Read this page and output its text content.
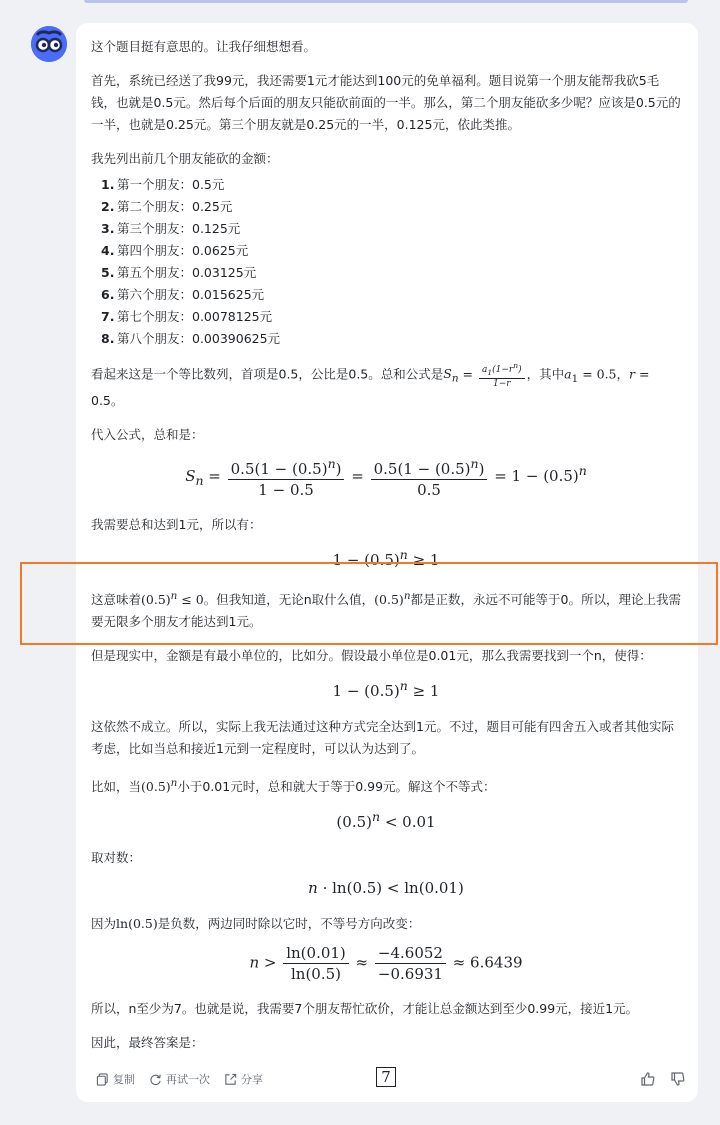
这个题目挺有意思的。让我仔细想想看。

首先，系统已经送了我99元，我还需要1元才能达到100元的免单福利。题目说第一个朋友能帮我砍5毛钱，也就是0.5元。然后每个后面的朋友只能砍前面的一半。那么，第二个朋友能砍多少呢？应该是0.5元的一半，也就是0.25元。第三个朋友就是0.25元的一半，0.125元，依此类推。

我先列出前几个朋友能砍的金额：

1. 第一个朋友：0.5元
2. 第二个朋友：0.25元
3. 第三个朋友：0.125元
4. 第四个朋友：0.0625元
5. 第五个朋友：0.03125元
6. 第六个朋友：0.015625元
7. 第七个朋友：0.0078125元
8. 第八个朋友：0.00390625元

看起来这是一个等比数列，首项是0.5，公比是0.5。总和公式是$S_n = \frac{a_1(1-r^n)}{1-r}$ ，其中$a_1 = 0.5$，r = 0.5。

代入公式，总和是：

$S_n = \frac{0.5(1 - (0.5)^n)}{1 - 0.5} = \frac{0.5(1 - (0.5)^n)}{0.5} = 1 - (0.5)^n$

我需要总和达到1元，所以有：

$1 - (0.5)^n \ge 1$

这意味着$(0.5)^n \le 0$。但我知道，无论n取什么值，$(0.5)^n$都是正数，永远不可能等于0。所以，理论上我需要无限多个朋友才能达到1元。

但是现实中，金额是有最小单位的，比如分。假设最小单位是0.01元，那么我需要找到一个n，使得：

$1 - (0.5)^n \ge 1$

这依然不成立。所以，实际上我无法通过这种方式完全达到1元。不过，题目可能有四舍五入或者其他实际考虑，比如当总和接近1元到一定程度时，可以认为达到了。

比如，当$(0.5)^n$小于0.01元时，总和就大于等于0.99元。解这个不等式：

$(0.5)^n < 0.01$

取对数：

n · ln(0.5) < ln(0.01)

因为ln(0.5)是负数，两边同时除以它时，不等号方向改变：

$n > \frac{\ln(0.01)}{\ln(0.5)} \approx \frac{-4.6052}{-0.6931} \approx 6.6439$

所以，n至少为7。也就是说，我需要7个朋友帮忙砍价，才能让总金额达到至少0.99元，接近1元。

因此，最终答案是：

7
复制	再试一次	分享
